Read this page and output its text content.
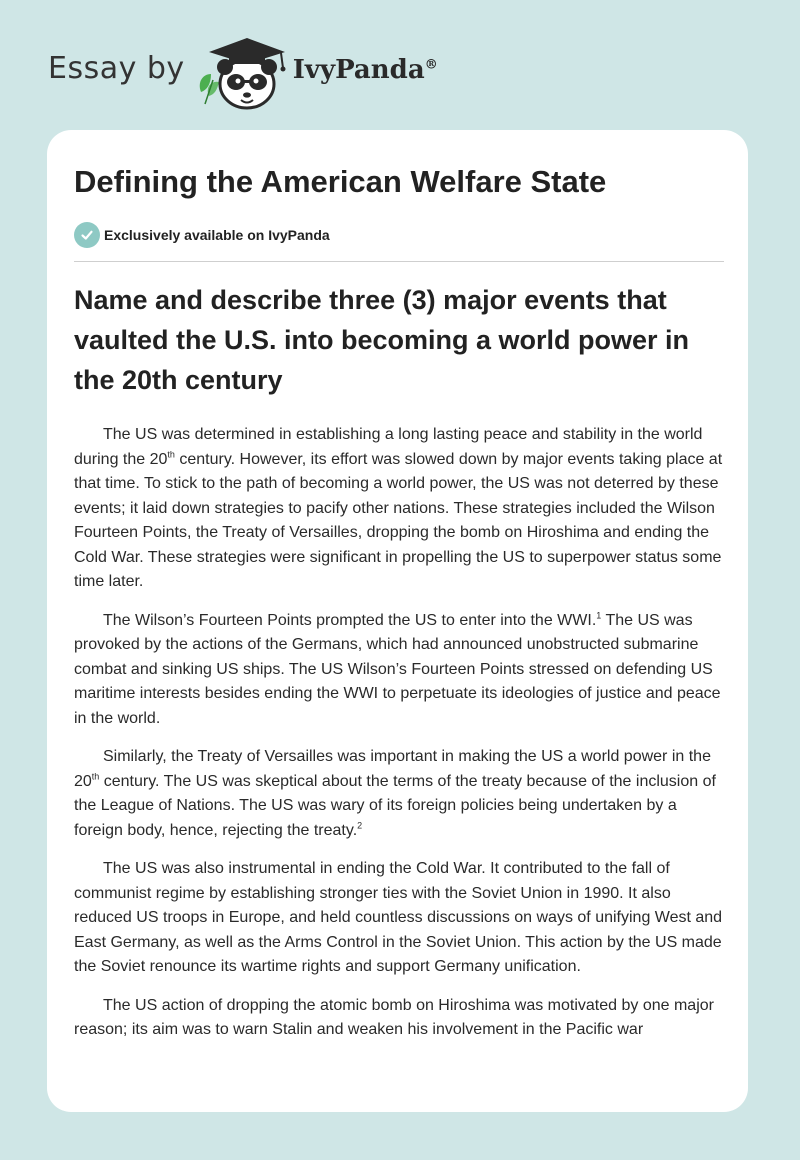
Essay by	IvyPanda®
Defining the American Welfare State
Exclusively available on IvyPanda
Name and describe three (3) major events that vaulted the U.S. into becoming a world power in the 20th century

The US was determined in establishing a long lasting peace and stability in the world during the 20th century. However, its effort was slowed down by major events taking place at that time. To stick to the path of becoming a world power, the US was not deterred by these events; it laid down strategies to pacify other nations. These strategies included the Wilson Fourteen Points, the Treaty of Versailles, dropping the bomb on Hiroshima and ending the Cold War. These strategies were significant in propelling the US to superpower status some time later.

The Wilson’s Fourteen Points prompted the US to enter into the WWI.$^1$ The US was provoked by the actions of the Germans, which had announced unobstructed submarine combat and sinking US ships. The US Wilson’s Fourteen Points stressed on defending US maritime interests besides ending the WWI to perpetuate its ideologies of justice and peace in the world.

Similarly, the Treaty of Versailles was important in making the US a world power in the 20th century. The US was skeptical about the terms of the treaty because of the inclusion of the League of Nations. The US was wary of its foreign policies being undertaken by a foreign body, hence, rejecting the treaty.$^2$

The US was also instrumental in ending the Cold War. It contributed to the fall of communist regime by establishing stronger ties with the Soviet Union in 1990. It also reduced US troops in Europe, and held countless discussions on ways of unifying West and East Germany, as well as the Arms Control in the Soviet Union. This action by the US made the Soviet renounce its wartime rights and support Germany unification.

The US action of dropping the atomic bomb on Hiroshima was motivated by one major reason; its aim was to warn Stalin and weaken his involvement in the Pacific war
